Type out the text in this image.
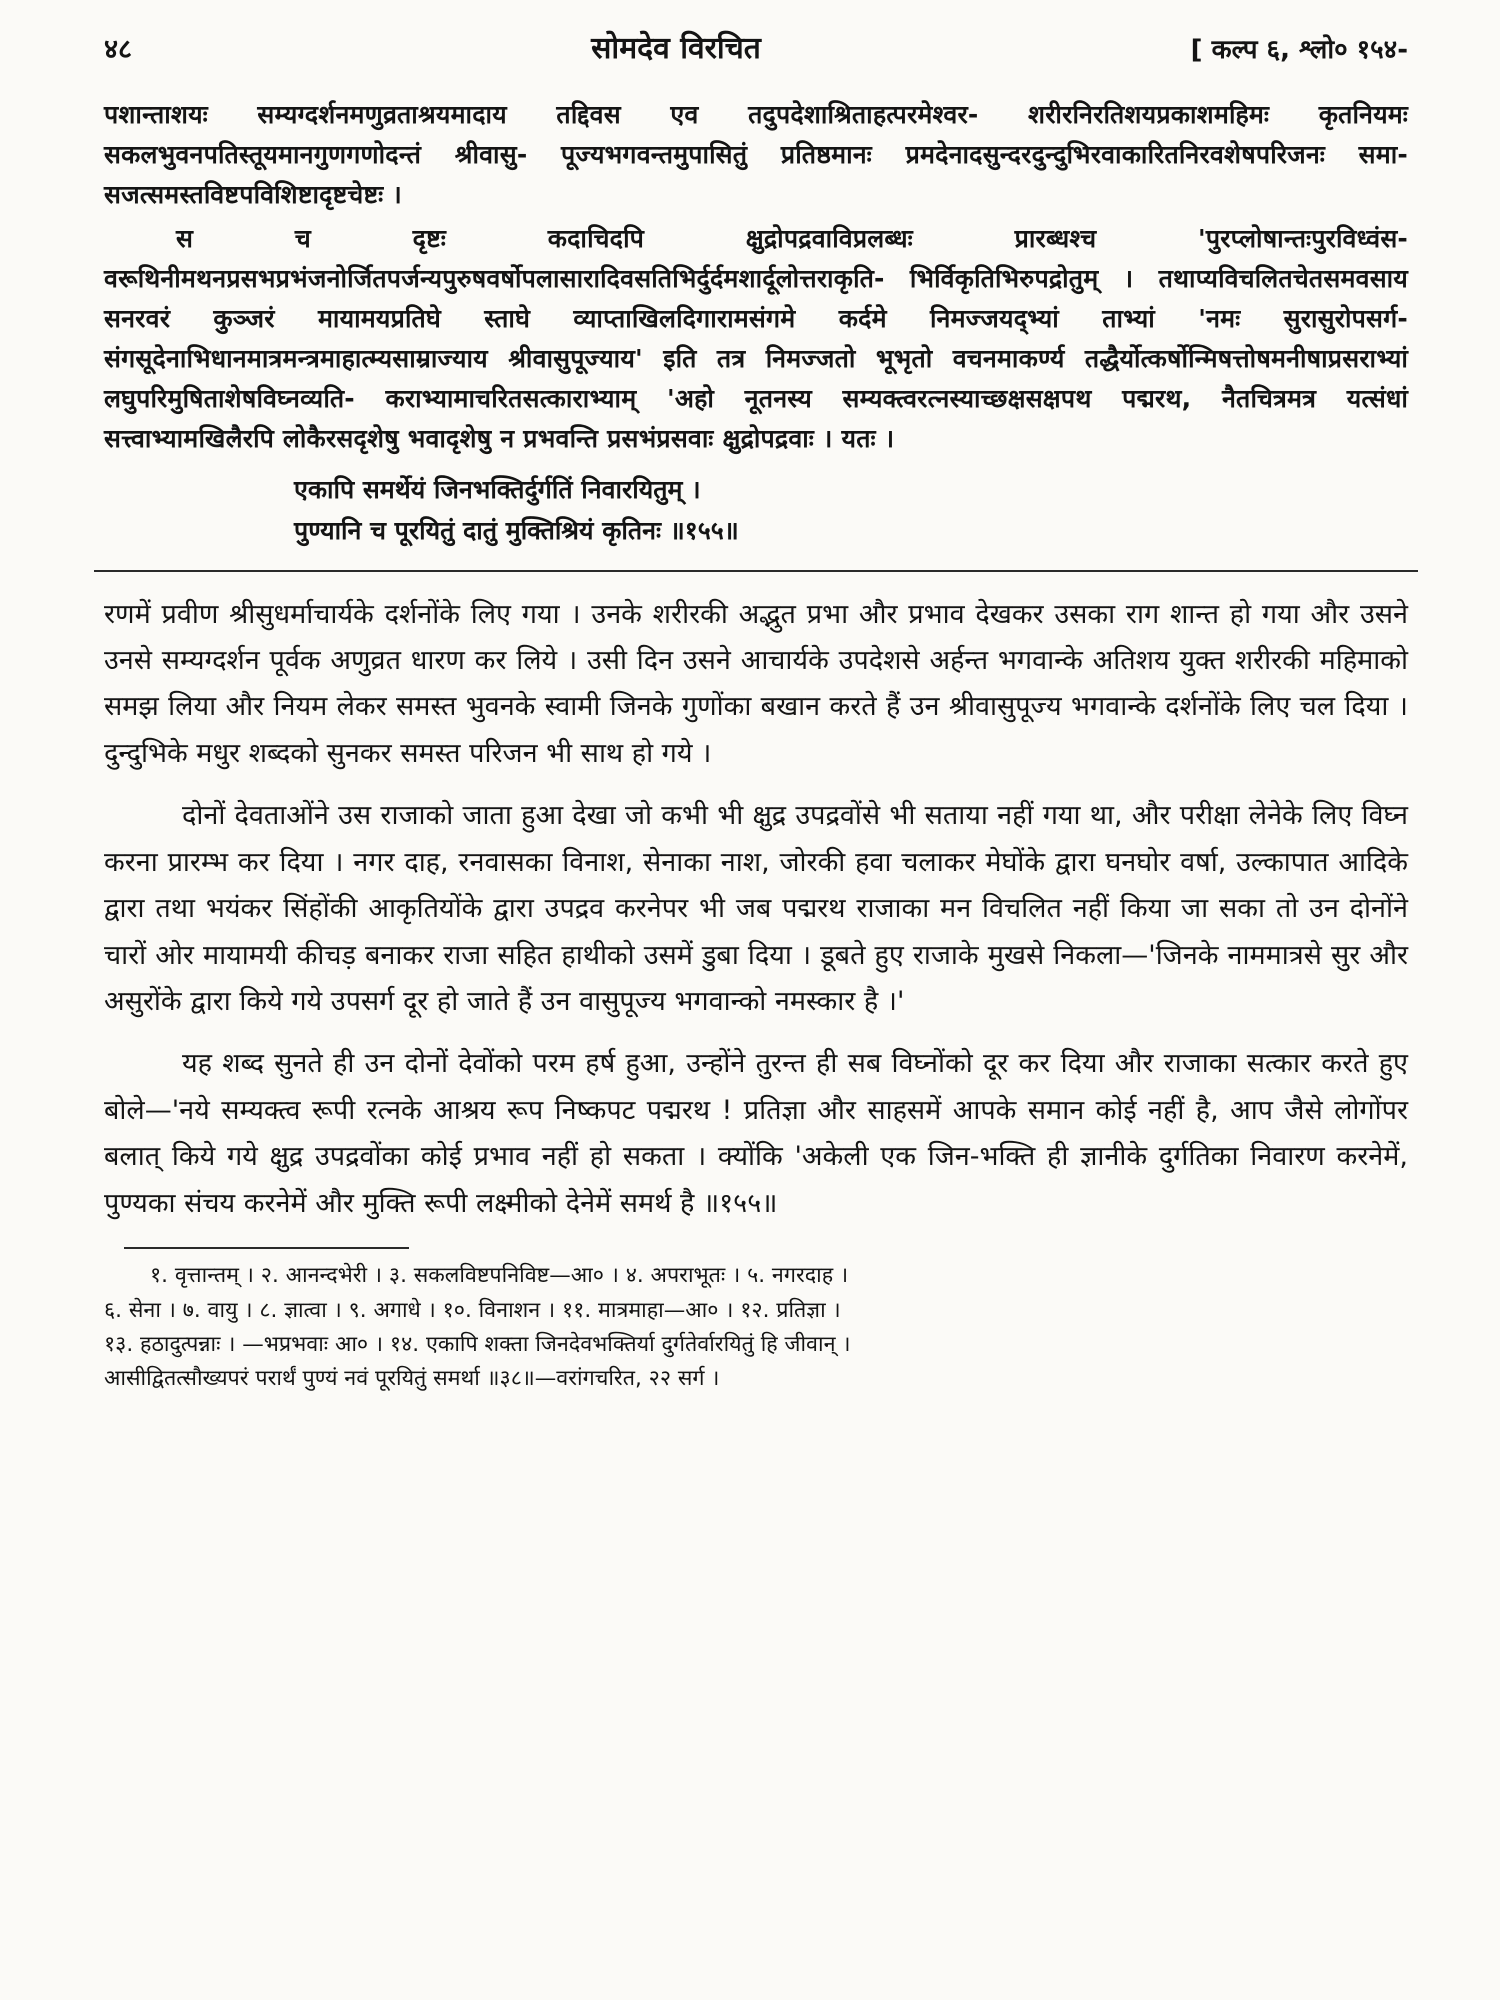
४८	सोमदेव विरचित	[ कल्प ६, श्लो० १५४-

पशान्ताशयः सम्यग्दर्शनमणुव्रताश्रयमादाय तद्दिवस एव तदुपदेशाश्रिताहत्परमेश्वर- शरीरनिरतिशयप्रकाशमहिमः कृतनियमः सकलभुवनपतिस्तूयमानगुणगणोदन्तं श्रीवासु- पूज्यभगवन्तमुपासितुं प्रतिष्ठमानः प्रमदेनादसुन्दरदुन्दुभिरवाकारितनिरवशेषपरिजनः समा- सजत्समस्तविष्टपविशिष्टादृष्टचेष्टः ।

स च दृष्टः कदाचिदपि क्षुद्रोपद्रवाविप्रलब्धः प्रारब्धश्च 'पुरप्लोषान्तःपुरविध्वंस- वरूथिनीमथनप्रसभप्रभंजनोर्जितपर्जन्यपुरुषवर्षोपलासारादिवसतिभिर्दुर्दमशार्दूलोत्तराकृति- भिर्विकृतिभिरुपद्रोतुम् । तथाप्यविचलितचेतसमवसाय सनरवरं कुञ्जरं मायामयप्रतिघे स्ताघे व्याप्ताखिलदिगारामसंगमे कर्दमे निमज्जयद्भ्यां ताभ्यां 'नमः सुरासुरोपसर्ग- संगसूदेनाभिधानमात्रमन्त्रमाहात्म्यसाम्राज्याय श्रीवासुपूज्याय' इति तत्र निमज्जतो भूभृतो वचनमाकर्ण्य तद्धैर्योत्कर्षोन्मिषत्तोषमनीषाप्रसराभ्यां लघुपरिमुषिताशेषविघ्नव्यति- कराभ्यामाचरितसत्काराभ्याम् 'अहो नूतनस्य सम्यक्त्वरत्नस्याच्छक्षसक्षपथ पद्मरथ, नैतचित्रमत्र यत्संधां सत्त्वाभ्यामखिलैरपि लोकैरसदृशेषु भवादृशेषु न प्रभवन्ति प्रसभंप्रसवाः क्षुद्रोपद्रवाः । यतः ।

एकापि समर्थेयं जिनभक्तिर्दुर्गतिं निवारयितुम् ।
पुण्यानि च पूरयितुं दातुं मुक्तिश्रियं कृतिनः ॥१५५॥

रणमें प्रवीण श्रीसुधर्माचार्यके दर्शनोंके लिए गया । उनके शरीरकी अद्भुत प्रभा और प्रभाव देखकर उसका राग शान्त हो गया और उसने उनसे सम्यग्दर्शन पूर्वक अणुव्रत धारण कर लिये । उसी दिन उसने आचार्यके उपदेशसे अर्हन्त भगवान्के अतिशय युक्त शरीरकी महिमाको समझ लिया और नियम लेकर समस्त भुवनके स्वामी जिनके गुणोंका बखान करते हैं उन श्रीवासुपूज्य भगवान्के दर्शनोंके लिए चल दिया । दुन्दुभिके मधुर शब्दको सुनकर समस्त परिजन भी साथ हो गये ।

दोनों देवताओंने उस राजाको जाता हुआ देखा जो कभी भी क्षुद्र उपद्रवोंसे भी सताया नहीं गया था, और परीक्षा लेनेके लिए विघ्न करना प्रारम्भ कर दिया । नगर दाह, रनवासका विनाश, सेनाका नाश, जोरकी हवा चलाकर मेघोंके द्वारा घनघोर वर्षा, उल्कापात आदिके द्वारा तथा भयंकर सिंहोंकी आकृतियोंके द्वारा उपद्रव करनेपर भी जब पद्मरथ राजाका मन विचलित नहीं किया जा सका तो उन दोनोंने चारों ओर मायामयी कीचड़ बनाकर राजा सहित हाथीको उसमें डुबा दिया । डूबते हुए राजाके मुखसे निकला—'जिनके नाममात्रसे सुर और असुरोंके द्वारा किये गये उपसर्ग दूर हो जाते हैं उन वासुपूज्य भगवान्को नमस्कार है ।'

यह शब्द सुनते ही उन दोनों देवोंको परम हर्ष हुआ, उन्होंने तुरन्त ही सब विघ्नोंको दूर कर दिया और राजाका सत्कार करते हुए बोले—'नये सम्यक्त्व रूपी रत्नके आश्रय रूप निष्कपट पद्मरथ ! प्रतिज्ञा और साहसमें आपके समान कोई नहीं है, आप जैसे लोगोंपर बलात् किये गये क्षुद्र उपद्रवोंका कोई प्रभाव नहीं हो सकता । क्योंकि 'अकेली एक जिन-भक्ति ही ज्ञानीके दुर्गतिका निवारण करनेमें, पुण्यका संचय करनेमें और मुक्ति रूपी लक्ष्मीको देनेमें समर्थ है ॥१५५॥

१. वृत्तान्तम् । २. आनन्दभेरी । ३. सकलविष्टपनिविष्ट—आ० । ४. अपराभूतः । ५. नगरदाह ।

६. सेना । ७. वायु । ८. ज्ञात्वा । ९. अगाधे । १०. विनाशन । ११. मात्रमाहा—आ० । १२. प्रतिज्ञा ।

१३. हठादुत्पन्नाः । —भप्रभवाः आ० । १४. एकापि शक्ता जिनदेवभक्तिर्या दुर्गतेर्वारयितुं हि जीवान् ।

आसीद्वितत्सौख्यपरं परार्थं पुण्यं नवं पूरयितुं समर्था ॥३८॥—वरांगचरित, २२ सर्ग ।
